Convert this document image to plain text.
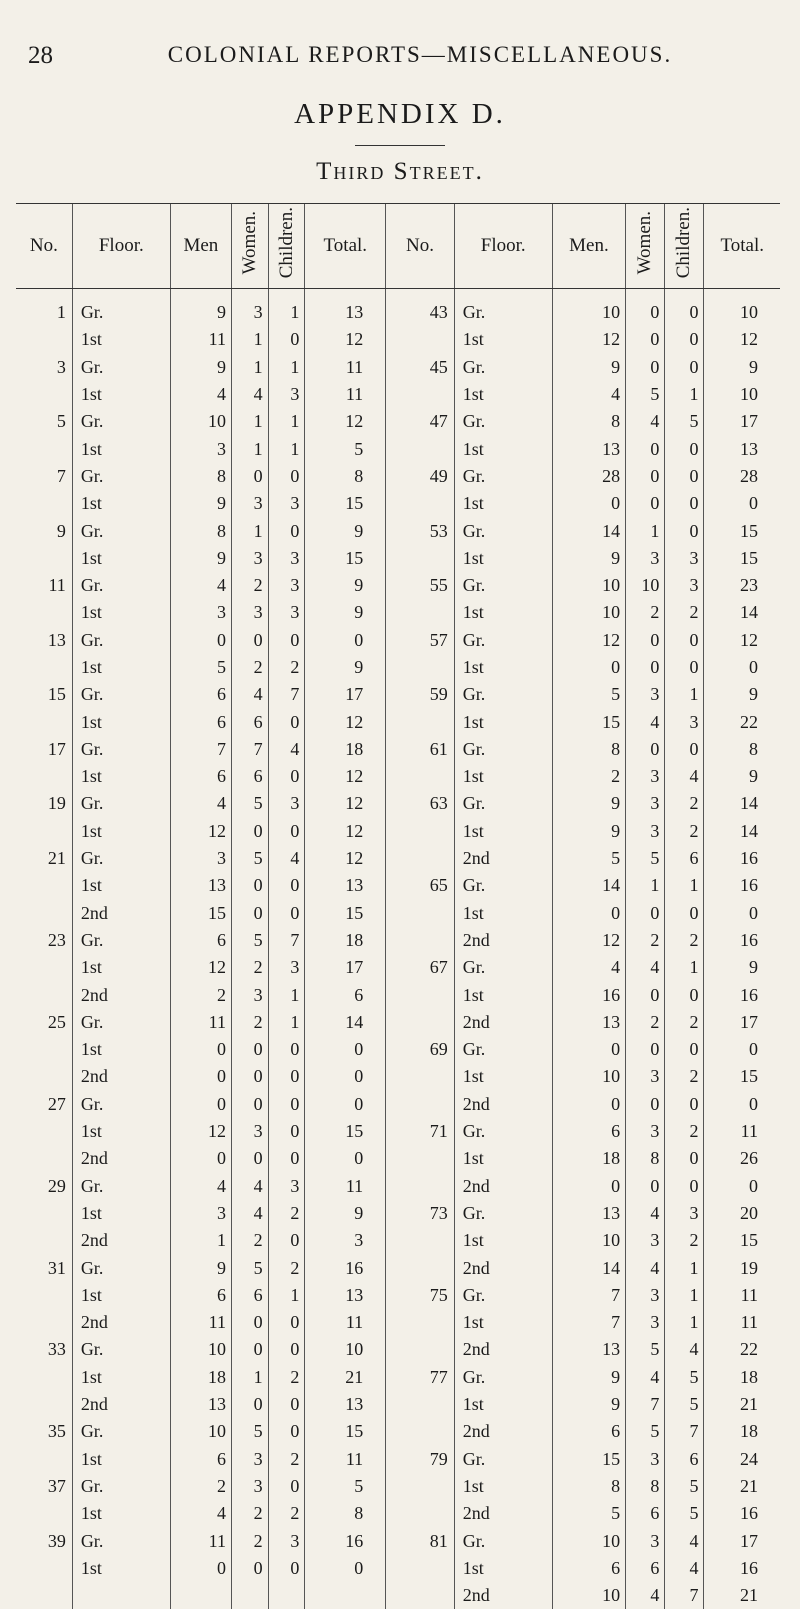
28	COLONIAL REPORTS—MISCELLANEOUS.
APPENDIX D.
Third Street.
No.	Floor.	Men	Women.	Children.	Total.	No.	Floor.	Men.	Women.	Children.	Total.
1	Gr.	9	3	1	13	43	Gr.	10	0	0	10
	1st	11	1	0	12		1st	12	0	0	12
3	Gr.	9	1	1	11	45	Gr.	9	0	0	9
	1st	4	4	3	11		1st	4	5	1	10
5	Gr.	10	1	1	12	47	Gr.	8	4	5	17
	1st	3	1	1	5		1st	13	0	0	13
7	Gr.	8	0	0	8	49	Gr.	28	0	0	28
	1st	9	3	3	15		1st	0	0	0	0
9	Gr.	8	1	0	9	53	Gr.	14	1	0	15
	1st	9	3	3	15		1st	9	3	3	15
11	Gr.	4	2	3	9	55	Gr.	10	10	3	23
	1st	3	3	3	9		1st	10	2	2	14
13	Gr.	0	0	0	0	57	Gr.	12	0	0	12
	1st	5	2	2	9		1st	0	0	0	0
15	Gr.	6	4	7	17	59	Gr.	5	3	1	9
	1st	6	6	0	12		1st	15	4	3	22
17	Gr.	7	7	4	18	61	Gr.	8	0	0	8
	1st	6	6	0	12		1st	2	3	4	9
19	Gr.	4	5	3	12	63	Gr.	9	3	2	14
	1st	12	0	0	12		1st	9	3	2	14
21	Gr.	3	5	4	12		2nd	5	5	6	16
	1st	13	0	0	13	65	Gr.	14	1	1	16
	2nd	15	0	0	15		1st	0	0	0	0
23	Gr.	6	5	7	18		2nd	12	2	2	16
	1st	12	2	3	17	67	Gr.	4	4	1	9
	2nd	2	3	1	6		1st	16	0	0	16
25	Gr.	11	2	1	14		2nd	13	2	2	17
	1st	0	0	0	0	69	Gr.	0	0	0	0
	2nd	0	0	0	0		1st	10	3	2	15
27	Gr.	0	0	0	0		2nd	0	0	0	0
	1st	12	3	0	15	71	Gr.	6	3	2	11
	2nd	0	0	0	0		1st	18	8	0	26
29	Gr.	4	4	3	11		2nd	0	0	0	0
	1st	3	4	2	9	73	Gr.	13	4	3	20
	2nd	1	2	0	3		1st	10	3	2	15
31	Gr.	9	5	2	16		2nd	14	4	1	19
	1st	6	6	1	13	75	Gr.	7	3	1	11
	2nd	11	0	0	11		1st	7	3	1	11
33	Gr.	10	0	0	10		2nd	13	5	4	22
	1st	18	1	2	21	77	Gr.	9	4	5	18
	2nd	13	0	0	13		1st	9	7	5	21
35	Gr.	10	5	0	15		2nd	6	5	7	18
	1st	6	3	2	11	79	Gr.	15	3	6	24
37	Gr.	2	3	0	5		1st	8	8	5	21
	1st	4	2	2	8		2nd	5	6	5	16
39	Gr.	11	2	3	16	81	Gr.	10	3	4	17
	1st	0	0	0	0		1st	6	6	4	16
							2nd	10	4	7	21
